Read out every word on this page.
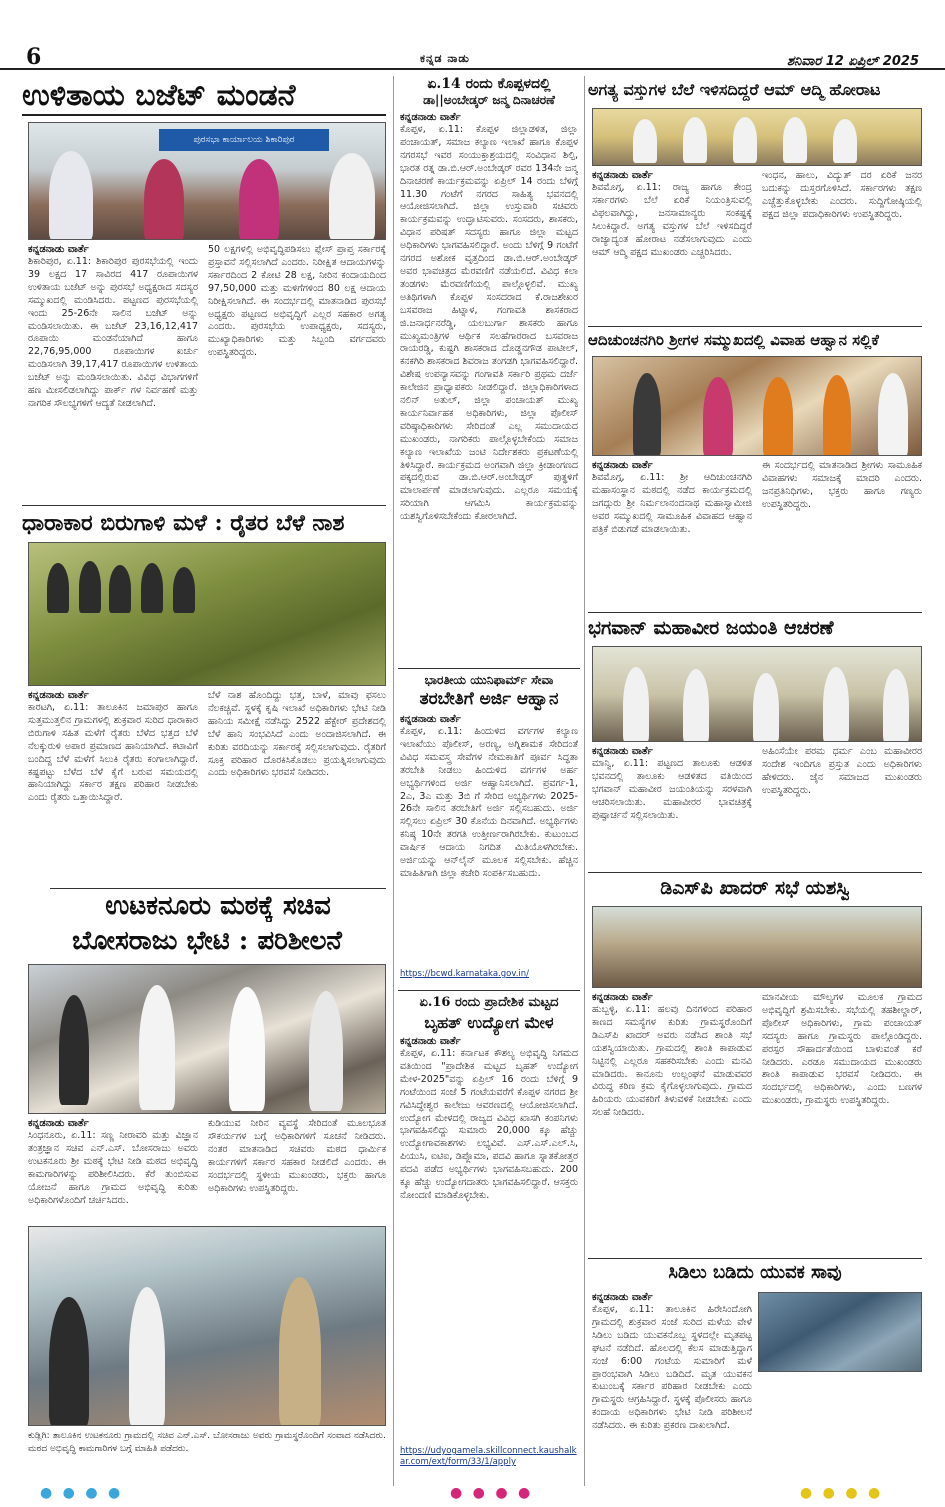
6	ಕನ್ನಡ ನಾಡು	ಶನಿವಾರ 12 ಏಪ್ರಿಲ್ 2025
ಉಳಿತಾಯ ಬಜೆಟ್ ಮಂಡನೆ
ಪುರಸಭಾ ಕಾರ್ಯಾಲಯ ಶಿಕಾರಿಪುರ
ಕನ್ನಡನಾಡು ವಾರ್ತೆ
ಶಿಕಾರಿಪುರ, ಏ.11: ಶಿಕಾರಿಪುರ ಪುರಸಭೆಯಲ್ಲಿ ಇಂದು 39 ಲಕ್ಷದ 17 ಸಾವಿರದ 417 ರೂಪಾಯಿಗಳ ಉಳಿತಾಯ ಬಜೆಟ್ ಅನ್ನು ಪುರಸಭೆ ಅಧ್ಯಕ್ಷರಾದ ಸದಸ್ಯರ ಸಮ್ಮುಖದಲ್ಲಿ ಮಂಡಿಸಿದರು. ಪಟ್ಟಣದ ಪುರಸಭೆಯಲ್ಲಿ ಇಂದು 25-26ನೇ ಸಾಲಿನ ಬಜೆಟ್ ಅನ್ನು ಮಂಡಿಸಲಾಯಿತು. ಈ ಬಜೆಟ್ 23,16,12,417 ರೂಪಾಯಿ ಮಂಡನೆಯಾಗಿದೆ ಹಾಗೂ 22,76,95,000 ರೂಪಾಯಿಗಳ ಖರ್ಚು ಮಂಡಿಸಲಾಗಿ 39,17,417 ರೂಪಾಯಿಗಳ ಉಳಿತಾಯ ಬಜೆಟ್ ಅನ್ನು ಮಂಡಿಸಲಾಯಿತು. ವಿವಿಧ ವಿಭಾಗಗಳಿಗೆ ಹಣ ಮೀಸಲಿಡಲಾಗಿದ್ದು ಪಾರ್ಕ್ ಗಳ ನಿರ್ವಹಣೆ ಮತ್ತು ನಾಗರಿಕ ಸೌಲಭ್ಯಗಳಿಗೆ ಆದ್ಯತೆ ನೀಡಲಾಗಿದೆ.
50 ಲಕ್ಷಗಳಲ್ಲಿ ಅಭಿವೃದ್ಧಿಪಡಿಸಲು ಪ್ಲೇಸ್ ಪ್ರಾಪ್ತ ಸರ್ಕಾರಕ್ಕೆ ಪ್ರಸ್ತಾವನೆ ಸಲ್ಲಿಸಲಾಗಿದೆ ಎಂದರು. ನಿರೀಕ್ಷಿತ ಆದಾಯಗಳನ್ನು ಸರ್ಕಾರದಿಂದ 2 ಕೋಟಿ 28 ಲಕ್ಷ, ನೀರಿನ ಕಂದಾಯದಿಂದ 97,50,000 ಮತ್ತು ಮಳಿಗೆಗಳಿಂದ 80 ಲಕ್ಷ ಆದಾಯ ನಿರೀಕ್ಷಿಸಲಾಗಿದೆ. ಈ ಸಂದರ್ಭದಲ್ಲಿ ಮಾತನಾಡಿದ ಪುರಸಭೆ ಅಧ್ಯಕ್ಷರು ಪಟ್ಟಣದ ಅಭಿವೃದ್ಧಿಗೆ ಎಲ್ಲರ ಸಹಕಾರ ಅಗತ್ಯ ಎಂದರು. ಪುರಸಭೆಯ ಉಪಾಧ್ಯಕ್ಷರು, ಸದಸ್ಯರು, ಮುಖ್ಯಾಧಿಕಾರಿಗಳು ಮತ್ತು ಸಿಬ್ಬಂದಿ ವರ್ಗದವರು ಉಪಸ್ಥಿತರಿದ್ದರು.
ಧಾರಾಕಾರ ಬಿರುಗಾಳಿ ಮಳೆ : ರೈತರ ಬೆಳೆ ನಾಶ
ಕನ್ನಡನಾಡು ವಾರ್ತೆ
ಕಾರಟಗಿ, ಏ.11: ತಾಲೂಕಿನ ಜಮಾಪುರ ಹಾಗೂ ಸುತ್ತಮುತ್ತಲಿನ ಗ್ರಾಮಗಳಲ್ಲಿ ಶುಕ್ರವಾರ ಸುರಿದ ಧಾರಾಕಾರ ಬಿರುಗಾಳಿ ಸಹಿತ ಮಳೆಗೆ ರೈತರು ಬೆಳೆದ ಭತ್ತದ ಬೆಳೆ ನೆಲಕ್ಕುರುಳಿ ಅಪಾರ ಪ್ರಮಾಣದ ಹಾನಿಯಾಗಿದೆ. ಕಟಾವಿಗೆ ಬಂದಿದ್ದ ಬೆಳೆ ಮಳೆಗೆ ಸಿಲುಕಿ ರೈತರು ಕಂಗಾಲಾಗಿದ್ದಾರೆ. ಕಷ್ಟಪಟ್ಟು ಬೆಳೆದ ಬೆಳೆ ಕೈಗೆ ಬರುವ ಸಮಯದಲ್ಲಿ ಹಾನಿಯಾಗಿದ್ದು ಸರ್ಕಾರ ತಕ್ಷಣ ಪರಿಹಾರ ನೀಡಬೇಕು ಎಂದು ರೈತರು ಒತ್ತಾಯಿಸಿದ್ದಾರೆ.
ಬೆಳೆ ನಾಶ ಹೊಂದಿದ್ದು ಭತ್ತ, ಬಾಳೆ, ಮಾವು ಫಸಲು ನೆಲಕಚ್ಚಿವೆ. ಸ್ಥಳಕ್ಕೆ ಕೃಷಿ ಇಲಾಖೆ ಅಧಿಕಾರಿಗಳು ಭೇಟಿ ನೀಡಿ ಹಾನಿಯ ಸಮೀಕ್ಷೆ ನಡೆಸಿದ್ದು 2522 ಹೆಕ್ಟೇರ್ ಪ್ರದೇಶದಲ್ಲಿ ಬೆಳೆ ಹಾನಿ ಸಂಭವಿಸಿದೆ ಎಂದು ಅಂದಾಜಿಸಲಾಗಿದೆ. ಈ ಕುರಿತು ವರದಿಯನ್ನು ಸರ್ಕಾರಕ್ಕೆ ಸಲ್ಲಿಸಲಾಗುವುದು. ರೈತರಿಗೆ ಸೂಕ್ತ ಪರಿಹಾರ ದೊರಕಿಸಿಕೊಡಲು ಪ್ರಯತ್ನಿಸಲಾಗುವುದು ಎಂದು ಅಧಿಕಾರಿಗಳು ಭರವಸೆ ನೀಡಿದರು.
ಉಟಕನೂರು ಮಠಕ್ಕೆ ಸಚಿವ
ಬೋಸರಾಜು ಭೇಟಿ : ಪರಿಶೀಲನೆ
ಕನ್ನಡನಾಡು ವಾರ್ತೆ
ಸಿಂಧನೂರು, ಏ.11: ಸಣ್ಣ ನೀರಾವರಿ ಮತ್ತು ವಿಜ್ಞಾನ ತಂತ್ರಜ್ಞಾನ ಸಚಿವ ಎನ್.ಎಸ್. ಬೋಸರಾಜು ಅವರು ಉಟಕನೂರು ಶ್ರೀ ಮಠಕ್ಕೆ ಭೇಟಿ ನೀಡಿ ಮಠದ ಅಭಿವೃದ್ಧಿ ಕಾಮಗಾರಿಗಳನ್ನು ಪರಿಶೀಲಿಸಿದರು. ಕೆರೆ ತುಂಬಿಸುವ ಯೋಜನೆ ಹಾಗೂ ಗ್ರಾಮದ ಅಭಿವೃದ್ಧಿ ಕುರಿತು ಅಧಿಕಾರಿಗಳೊಂದಿಗೆ ಚರ್ಚಿಸಿದರು.
ಕುಡಿಯುವ ನೀರಿನ ವ್ಯವಸ್ಥೆ ಸೇರಿದಂತೆ ಮೂಲಭೂತ ಸೌಕರ್ಯಗಳ ಬಗ್ಗೆ ಅಧಿಕಾರಿಗಳಿಗೆ ಸೂಚನೆ ನೀಡಿದರು. ನಂತರ ಮಾತನಾಡಿದ ಸಚಿವರು ಮಠದ ಧಾರ್ಮಿಕ ಕಾರ್ಯಗಳಿಗೆ ಸರ್ಕಾರ ಸಹಕಾರ ನೀಡಲಿದೆ ಎಂದರು. ಈ ಸಂದರ್ಭದಲ್ಲಿ ಸ್ಥಳೀಯ ಮುಖಂಡರು, ಭಕ್ತರು ಹಾಗೂ ಅಧಿಕಾರಿಗಳು ಉಪಸ್ಥಿತರಿದ್ದರು.
ಕುಡ್ಲಿಗಿ: ತಾಲೂಕಿನ ಉಟಕನೂರು ಗ್ರಾಮದಲ್ಲಿ ಸಚಿವ ಎನ್.ಎಸ್. ಬೋಸರಾಜು ಅವರು ಗ್ರಾಮಸ್ಥರೊಂದಿಗೆ ಸಂವಾದ ನಡೆಸಿದರು. ಮಠದ ಅಭಿವೃದ್ಧಿ ಕಾಮಗಾರಿಗಳ ಬಗ್ಗೆ ಮಾಹಿತಿ ಪಡೆದರು.
ಏ.14 ರಂದು ಕೊಪ್ಪಳದಲ್ಲಿ
ಡಾ||ಅಂಬೇಡ್ಕರ್ ಜನ್ಮ ದಿನಾಚರಣೆ
ಕನ್ನಡನಾಡು ವಾರ್ತೆ
ಕೊಪ್ಪಳ, ಏ.11: ಕೊಪ್ಪಳ ಜಿಲ್ಲಾಡಳಿತ, ಜಿಲ್ಲಾ ಪಂಚಾಯತ್, ಸಮಾಜ ಕಲ್ಯಾಣ ಇಲಾಖೆ ಹಾಗೂ ಕೊಪ್ಪಳ ನಗರಸಭೆ ಇವರ ಸಂಯುಕ್ತಾಶ್ರಯದಲ್ಲಿ ಸಂವಿಧಾನ ಶಿಲ್ಪಿ, ಭಾರತ ರತ್ನ ಡಾ.ಬಿ.ಆರ್.ಅಂಬೇಡ್ಕರ್ ರವರ 134ನೇ ಜನ್ಮ ದಿನಾಚರಣೆ ಕಾರ್ಯಕ್ರಮವನ್ನು ಏಪ್ರಿಲ್ 14 ರಂದು ಬೆಳಿಗ್ಗೆ 11.30 ಗಂಟೆಗೆ ನಗರದ ಸಾಹಿತ್ಯ ಭವನದಲ್ಲಿ ಆಯೋಜಿಸಲಾಗಿದೆ. ಜಿಲ್ಲಾ ಉಸ್ತುವಾರಿ ಸಚಿವರು ಕಾರ್ಯಕ್ರಮವನ್ನು ಉದ್ಘಾಟಿಸುವರು. ಸಂಸದರು, ಶಾಸಕರು, ವಿಧಾನ ಪರಿಷತ್ ಸದಸ್ಯರು ಹಾಗೂ ಜಿಲ್ಲಾ ಮಟ್ಟದ ಅಧಿಕಾರಿಗಳು ಭಾಗವಹಿಸಲಿದ್ದಾರೆ. ಅಂದು ಬೆಳಿಗ್ಗೆ 9 ಗಂಟೆಗೆ ನಗರದ ಅಶೋಕ ವೃತ್ತದಿಂದ ಡಾ.ಬಿ.ಆರ್.ಅಂಬೇಡ್ಕರ್ ಅವರ ಭಾವಚಿತ್ರದ ಮೆರವಣಿಗೆ ನಡೆಯಲಿದೆ. ವಿವಿಧ ಕಲಾ ತಂಡಗಳು ಮೆರವಣಿಗೆಯಲ್ಲಿ ಪಾಲ್ಗೊಳ್ಳಲಿವೆ. ಮುಖ್ಯ ಅತಿಥಿಗಳಾಗಿ ಕೊಪ್ಪಳ ಸಂಸದರಾದ ಕೆ.ರಾಜಶೇಖರ ಬಸವರಾಜ ಹಿಟ್ನಾಳ, ಗಂಗಾವತಿ ಶಾಸಕರಾದ ಜಿ.ಜನಾರ್ಧನರೆಡ್ಡಿ, ಯಲಬುರ್ಗಾ ಶಾಸಕರು ಹಾಗೂ ಮುಖ್ಯಮಂತ್ರಿಗಳ ಆರ್ಥಿಕ ಸಲಹೆಗಾರರಾದ ಬಸವರಾಜ ರಾಯರಡ್ಡಿ, ಕುಷ್ಟಗಿ ಶಾಸಕರಾದ ದೊಡ್ಡನಗೌಡ ಪಾಟೀಲ್, ಕನಕಗಿರಿ ಶಾಸಕರಾದ ಶಿವರಾಜ ತಂಗಡಗಿ ಭಾಗವಹಿಸಲಿದ್ದಾರೆ. ವಿಶೇಷ ಉಪನ್ಯಾಸವನ್ನು ಗಂಗಾವತಿ ಸರ್ಕಾರಿ ಪ್ರಥಮ ದರ್ಜೆ ಕಾಲೇಜಿನ ಪ್ರಾಧ್ಯಾಪಕರು ನೀಡಲಿದ್ದಾರೆ. ಜಿಲ್ಲಾಧಿಕಾರಿಗಳಾದ ನಲಿನ್ ಅತುಲ್, ಜಿಲ್ಲಾ ಪಂಚಾಯತ್ ಮುಖ್ಯ ಕಾರ್ಯನಿರ್ವಾಹಕ ಅಧಿಕಾರಿಗಳು, ಜಿಲ್ಲಾ ಪೊಲೀಸ್ ವರಿಷ್ಠಾಧಿಕಾರಿಗಳು ಸೇರಿದಂತೆ ಎಲ್ಲ ಸಮುದಾಯದ ಮುಖಂಡರು, ನಾಗರಿಕರು ಪಾಲ್ಗೊಳ್ಳಬೇಕೆಂದು ಸಮಾಜ ಕಲ್ಯಾಣ ಇಲಾಖೆಯ ಜಂಟಿ ನಿರ್ದೇಶಕರು ಪ್ರಕಟಣೆಯಲ್ಲಿ ತಿಳಿಸಿದ್ದಾರೆ. ಕಾರ್ಯಕ್ರಮದ ಅಂಗವಾಗಿ ಜಿಲ್ಲಾ ಕ್ರೀಡಾಂಗಣದ ಪಕ್ಕದಲ್ಲಿರುವ ಡಾ.ಬಿ.ಆರ್.ಅಂಬೇಡ್ಕರ್ ಪುತ್ಥಳಿಗೆ ಮಾಲಾರ್ಪಣೆ ಮಾಡಲಾಗುವುದು. ಎಲ್ಲರೂ ಸಮಯಕ್ಕೆ ಸರಿಯಾಗಿ ಆಗಮಿಸಿ ಕಾರ್ಯಕ್ರಮವನ್ನು ಯಶಸ್ವಿಗೊಳಿಸಬೇಕೆಂದು ಕೋರಲಾಗಿದೆ.
ಭಾರತೀಯ ಯುನಿಫಾರ್ಮ್ ಸೇವಾ
ತರಬೇತಿಗೆ ಅರ್ಜಿ ಆಹ್ವಾನ
ಕನ್ನಡನಾಡು ವಾರ್ತೆ
ಕೊಪ್ಪಳ, ಏ.11: ಹಿಂದುಳಿದ ವರ್ಗಗಳ ಕಲ್ಯಾಣ ಇಲಾಖೆಯು ಪೊಲೀಸ್, ಅರಣ್ಯ, ಅಗ್ನಿಶಾಮಕ ಸೇರಿದಂತೆ ವಿವಿಧ ಸಮವಸ್ತ್ರ ಸೇವೆಗಳ ನೇಮಕಾತಿಗೆ ಪೂರ್ವ ಸಿದ್ಧತಾ ತರಬೇತಿ ನೀಡಲು ಹಿಂದುಳಿದ ವರ್ಗಗಳ ಅರ್ಹ ಅಭ್ಯರ್ಥಿಗಳಿಂದ ಅರ್ಜಿ ಆಹ್ವಾನಿಸಲಾಗಿದೆ. ಪ್ರವರ್ಗ-1, 2ಎ, 3ಎ ಮತ್ತು 3ಬಿ ಗೆ ಸೇರಿದ ಅಭ್ಯರ್ಥಿಗಳು 2025-26ನೇ ಸಾಲಿನ ತರಬೇತಿಗೆ ಅರ್ಜಿ ಸಲ್ಲಿಸಬಹುದು. ಅರ್ಜಿ ಸಲ್ಲಿಸಲು ಏಪ್ರಿಲ್ 30 ಕೊನೆಯ ದಿನವಾಗಿದೆ. ಅಭ್ಯರ್ಥಿಗಳು ಕನಿಷ್ಠ 10ನೇ ತರಗತಿ ಉತ್ತೀರ್ಣರಾಗಿರಬೇಕು. ಕುಟುಂಬದ ವಾರ್ಷಿಕ ಆದಾಯ ನಿಗದಿತ ಮಿತಿಯೊಳಗಿರಬೇಕು. ಅರ್ಜಿಯನ್ನು ಆನ್‌ಲೈನ್ ಮೂಲಕ ಸಲ್ಲಿಸಬೇಕು. ಹೆಚ್ಚಿನ ಮಾಹಿತಿಗಾಗಿ ಜಿಲ್ಲಾ ಕಚೇರಿ ಸಂಪರ್ಕಿಸಬಹುದು.
https://bcwd.karnataka.gov.in/
ಏ.16 ರಂದು ಪ್ರಾದೇಶಿಕ ಮಟ್ಟದ
ಬೃಹತ್ ಉದ್ಯೋಗ ಮೇಳ
ಕನ್ನಡನಾಡು ವಾರ್ತೆ
ಕೊಪ್ಪಳ, ಏ.11: ಕರ್ನಾಟಕ ಕೌಶಲ್ಯ ಅಭಿವೃದ್ಧಿ ನಿಗಮದ ವತಿಯಿಂದ "ಪ್ರಾದೇಶಿಕ ಮಟ್ಟದ ಬೃಹತ್ ಉದ್ಯೋಗ ಮೇಳ-2025"ವನ್ನು ಏಪ್ರಿಲ್ 16 ರಂದು ಬೆಳಿಗ್ಗೆ 9 ಗಂಟೆಯಿಂದ ಸಂಜೆ 5 ಗಂಟೆಯವರೆಗೆ ಕೊಪ್ಪಳ ನಗರದ ಶ್ರೀ ಗವಿಸಿದ್ಧೇಶ್ವರ ಕಾಲೇಜು ಆವರಣದಲ್ಲಿ ಆಯೋಜಿಸಲಾಗಿದೆ. ಉದ್ಯೋಗ ಮೇಳದಲ್ಲಿ ರಾಜ್ಯದ ವಿವಿಧ ಖಾಸಗಿ ಕಂಪನಿಗಳು ಭಾಗವಹಿಸಲಿದ್ದು ಸುಮಾರು 20,000 ಕ್ಕೂ ಹೆಚ್ಚು ಉದ್ಯೋಗಾವಕಾಶಗಳು ಲಭ್ಯವಿವೆ. ಎಸ್.ಎಸ್.ಎಲ್.ಸಿ, ಪಿಯುಸಿ, ಐಟಿಐ, ಡಿಪ್ಲೊಮಾ, ಪದವಿ ಹಾಗೂ ಸ್ನಾತಕೋತ್ತರ ಪದವಿ ಪಡೆದ ಅಭ್ಯರ್ಥಿಗಳು ಭಾಗವಹಿಸಬಹುದು. 200 ಕ್ಕೂ ಹೆಚ್ಚು ಉದ್ಯೋಗದಾತರು ಭಾಗವಹಿಸಲಿದ್ದಾರೆ. ಆಸಕ್ತರು ನೋಂದಣಿ ಮಾಡಿಕೊಳ್ಳಬೇಕು.
https://udyogamela.skillconnect.kaushalkar.com/ext/form/33/1/apply
ಅಗತ್ಯ ವಸ್ತುಗಳ ಬೆಲೆ ಇಳಿಸದಿದ್ದರೆ ಆಮ್ ಆದ್ಮಿ ಹೋರಾಟ
ಕನ್ನಡನಾಡು ವಾರ್ತೆ
ಶಿವಮೊಗ್ಗ, ಏ.11: ರಾಜ್ಯ ಹಾಗೂ ಕೇಂದ್ರ ಸರ್ಕಾರಗಳು ಬೆಲೆ ಏರಿಕೆ ನಿಯಂತ್ರಿಸುವಲ್ಲಿ ವಿಫಲವಾಗಿದ್ದು, ಜನಸಾಮಾನ್ಯರು ಸಂಕಷ್ಟಕ್ಕೆ ಸಿಲುಕಿದ್ದಾರೆ. ಅಗತ್ಯ ವಸ್ತುಗಳ ಬೆಲೆ ಇಳಿಸದಿದ್ದರೆ ರಾಜ್ಯಾದ್ಯಂತ ಹೋರಾಟ ನಡೆಸಲಾಗುವುದು ಎಂದು ಆಮ್ ಆದ್ಮಿ ಪಕ್ಷದ ಮುಖಂಡರು ಎಚ್ಚರಿಸಿದರು.
ಇಂಧನ, ಹಾಲು, ವಿದ್ಯುತ್ ದರ ಏರಿಕೆ ಜನರ ಬದುಕನ್ನು ದುಸ್ತರಗೊಳಿಸಿದೆ. ಸರ್ಕಾರಗಳು ತಕ್ಷಣ ಎಚ್ಚೆತ್ತುಕೊಳ್ಳಬೇಕು ಎಂದರು. ಸುದ್ದಿಗೋಷ್ಠಿಯಲ್ಲಿ ಪಕ್ಷದ ಜಿಲ್ಲಾ ಪದಾಧಿಕಾರಿಗಳು ಉಪಸ್ಥಿತರಿದ್ದರು.
ಆದಿಚುಂಚನಗಿರಿ ಶ್ರೀಗಳ ಸಮ್ಮುಖದಲ್ಲಿ ವಿವಾಹ ಆಹ್ವಾನ ಸಲ್ಲಿಕೆ
ಕನ್ನಡನಾಡು ವಾರ್ತೆ
ಶಿವಮೊಗ್ಗ, ಏ.11: ಶ್ರೀ ಆದಿಚುಂಚನಗಿರಿ ಮಹಾಸಂಸ್ಥಾನ ಮಠದಲ್ಲಿ ನಡೆದ ಕಾರ್ಯಕ್ರಮದಲ್ಲಿ ಜಗದ್ಗುರು ಶ್ರೀ ನಿರ್ಮಲಾನಂದನಾಥ ಮಹಾಸ್ವಾಮೀಜಿ ಅವರ ಸಮ್ಮುಖದಲ್ಲಿ ಸಾಮೂಹಿಕ ವಿವಾಹದ ಆಹ್ವಾನ ಪತ್ರಿಕೆ ಬಿಡುಗಡೆ ಮಾಡಲಾಯಿತು.
ಈ ಸಂದರ್ಭದಲ್ಲಿ ಮಾತನಾಡಿದ ಶ್ರೀಗಳು ಸಾಮೂಹಿಕ ವಿವಾಹಗಳು ಸಮಾಜಕ್ಕೆ ಮಾದರಿ ಎಂದರು. ಜನಪ್ರತಿನಿಧಿಗಳು, ಭಕ್ತರು ಹಾಗೂ ಗಣ್ಯರು ಉಪಸ್ಥಿತರಿದ್ದರು.
ಭಗವಾನ್ ಮಹಾವೀರ ಜಯಂತಿ ಆಚರಣೆ
ಕನ್ನಡನಾಡು ವಾರ್ತೆ
ಮಾನ್ವಿ, ಏ.11: ಪಟ್ಟಣದ ತಾಲೂಕು ಆಡಳಿತ ಭವನದಲ್ಲಿ ತಾಲೂಕು ಆಡಳಿತದ ವತಿಯಿಂದ ಭಗವಾನ್ ಮಹಾವೀರ ಜಯಂತಿಯನ್ನು ಸರಳವಾಗಿ ಆಚರಿಸಲಾಯಿತು. ಮಹಾವೀರರ ಭಾವಚಿತ್ರಕ್ಕೆ ಪುಷ್ಪಾರ್ಚನೆ ಸಲ್ಲಿಸಲಾಯಿತು.
ಅಹಿಂಸೆಯೇ ಪರಮ ಧರ್ಮ ಎಂಬ ಮಹಾವೀರರ ಸಂದೇಶ ಇಂದಿಗೂ ಪ್ರಸ್ತುತ ಎಂದು ಅಧಿಕಾರಿಗಳು ಹೇಳಿದರು. ಜೈನ ಸಮಾಜದ ಮುಖಂಡರು ಉಪಸ್ಥಿತರಿದ್ದರು.
ಡಿಎಸ್‌ಪಿ ಖಾದರ್ ಸಭೆ ಯಶಸ್ವಿ
ಕನ್ನಡನಾಡು ವಾರ್ತೆ
ಹುಬ್ಬಳ್ಳಿ, ಏ.11: ಹಲವು ದಿನಗಳಿಂದ ಪರಿಹಾರ ಕಾಣದ ಸಮಸ್ಯೆಗಳ ಕುರಿತು ಗ್ರಾಮಸ್ಥರೊಂದಿಗೆ ಡಿಎಸ್‌ಪಿ ಖಾದರ್ ಅವರು ನಡೆಸಿದ ಶಾಂತಿ ಸಭೆ ಯಶಸ್ವಿಯಾಯಿತು. ಗ್ರಾಮದಲ್ಲಿ ಶಾಂತಿ ಕಾಪಾಡುವ ನಿಟ್ಟಿನಲ್ಲಿ ಎಲ್ಲರೂ ಸಹಕರಿಸಬೇಕು ಎಂದು ಮನವಿ ಮಾಡಿದರು. ಕಾನೂನು ಉಲ್ಲಂಘನೆ ಮಾಡುವವರ ವಿರುದ್ಧ ಕಠಿಣ ಕ್ರಮ ಕೈಗೊಳ್ಳಲಾಗುವುದು. ಗ್ರಾಮದ ಹಿರಿಯರು ಯುವಕರಿಗೆ ತಿಳುವಳಿಕೆ ನೀಡಬೇಕು ಎಂದು ಸಲಹೆ ನೀಡಿದರು.
ಮಾನವೀಯ ಮೌಲ್ಯಗಳ ಮೂಲಕ ಗ್ರಾಮದ ಅಭಿವೃದ್ಧಿಗೆ ಶ್ರಮಿಸಬೇಕು. ಸಭೆಯಲ್ಲಿ ತಹಶೀಲ್ದಾರ್, ಪೊಲೀಸ್ ಅಧಿಕಾರಿಗಳು, ಗ್ರಾಮ ಪಂಚಾಯತ್ ಸದಸ್ಯರು ಹಾಗೂ ಗ್ರಾಮಸ್ಥರು ಪಾಲ್ಗೊಂಡಿದ್ದರು. ಪರಸ್ಪರ ಸೌಹಾರ್ದತೆಯಿಂದ ಬಾಳುವಂತೆ ಕರೆ ನೀಡಿದರು. ಎರಡೂ ಸಮುದಾಯದ ಮುಖಂಡರು ಶಾಂತಿ ಕಾಪಾಡುವ ಭರವಸೆ ನೀಡಿದರು. ಈ ಸಂದರ್ಭದಲ್ಲಿ ಅಧಿಕಾರಿಗಳು, ಎಂದು ಬಣಗಳ ಮುಖಂಡರು, ಗ್ರಾಮಸ್ಥರು ಉಪಸ್ಥಿತರಿದ್ದರು.
ಸಿಡಿಲು ಬಡಿದು ಯುವಕ ಸಾವು
ಕನ್ನಡನಾಡು ವಾರ್ತೆ
ಕೊಪ್ಪಳ, ಏ.11: ತಾಲೂಕಿನ ಹಿರೇಸಿಂದೋಗಿ ಗ್ರಾಮದಲ್ಲಿ ಶುಕ್ರವಾರ ಸಂಜೆ ಸುರಿದ ಮಳೆಯ ವೇಳೆ ಸಿಡಿಲು ಬಡಿದು ಯುವಕನೊಬ್ಬ ಸ್ಥಳದಲ್ಲೇ ಮೃತಪಟ್ಟ ಘಟನೆ ನಡೆದಿದೆ. ಹೊಲದಲ್ಲಿ ಕೆಲಸ ಮಾಡುತ್ತಿದ್ದಾಗ ಸಂಜೆ 6:00 ಗಂಟೆಯ ಸುಮಾರಿಗೆ ಮಳೆ ಪ್ರಾರಂಭವಾಗಿ ಸಿಡಿಲು ಬಡಿದಿದೆ. ಮೃತ ಯುವಕನ ಕುಟುಂಬಕ್ಕೆ ಸರ್ಕಾರ ಪರಿಹಾರ ನೀಡಬೇಕು ಎಂದು ಗ್ರಾಮಸ್ಥರು ಆಗ್ರಹಿಸಿದ್ದಾರೆ. ಸ್ಥಳಕ್ಕೆ ಪೊಲೀಸರು ಹಾಗೂ ಕಂದಾಯ ಅಧಿಕಾರಿಗಳು ಭೇಟಿ ನೀಡಿ ಪರಿಶೀಲನೆ ನಡೆಸಿದರು. ಈ ಕುರಿತು ಪ್ರಕರಣ ದಾಖಲಾಗಿದೆ.
● ● ● ●	● ● ● ●	● ● ● ●
